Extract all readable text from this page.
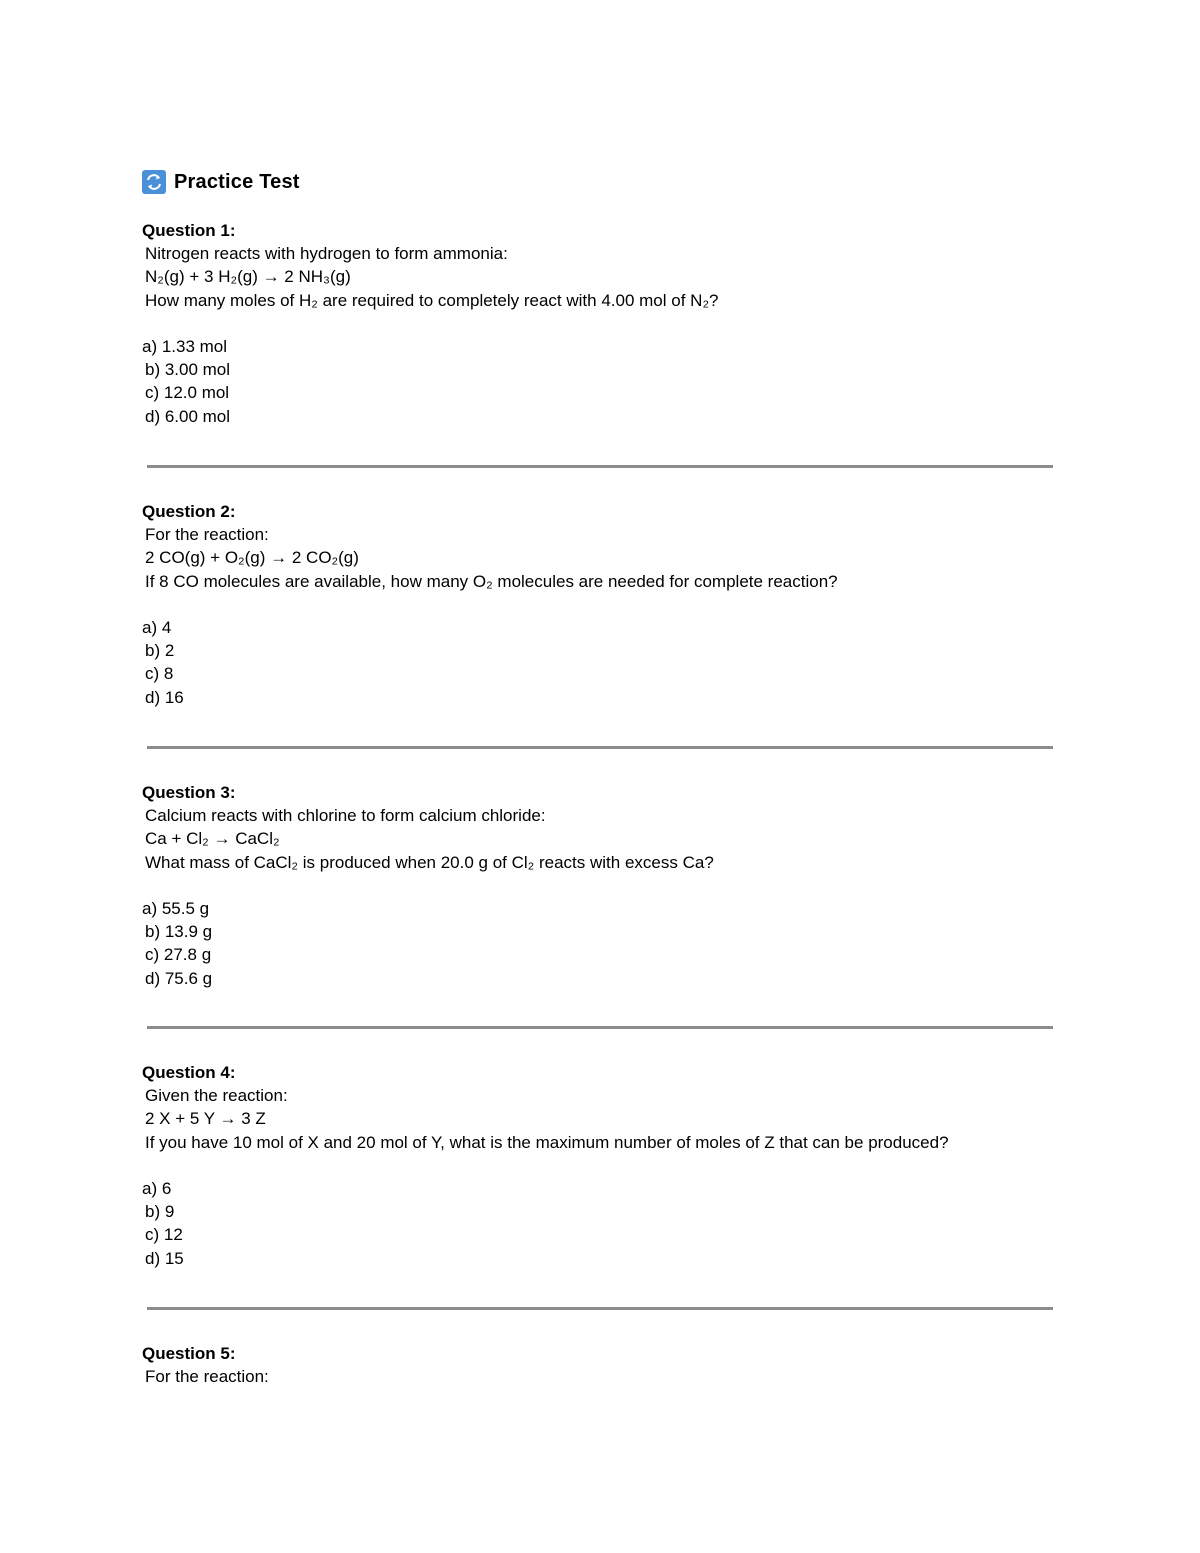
Practice Test
Question 1:
Nitrogen reacts with hydrogen to form ammonia:
N₂(g) + 3 H₂(g) → 2 NH₃(g)
How many moles of H₂ are required to completely react with 4.00 mol of N₂?
a) 1.33 mol
b) 3.00 mol
c) 12.0 mol
d) 6.00 mol
Question 2:
For the reaction:
2 CO(g) + O₂(g) → 2 CO₂(g)
If 8 CO molecules are available, how many O₂ molecules are needed for complete reaction?
a) 4
b) 2
c) 8
d) 16
Question 3:
Calcium reacts with chlorine to form calcium chloride:
Ca + Cl₂ → CaCl₂
What mass of CaCl₂ is produced when 20.0 g of Cl₂ reacts with excess Ca?
a) 55.5 g
b) 13.9 g
c) 27.8 g
d) 75.6 g
Question 4:
Given the reaction:
2 X + 5 Y → 3 Z
If you have 10 mol of X and 20 mol of Y, what is the maximum number of moles of Z that can be produced?
a) 6
b) 9
c) 12
d) 15
Question 5:
For the reaction:
